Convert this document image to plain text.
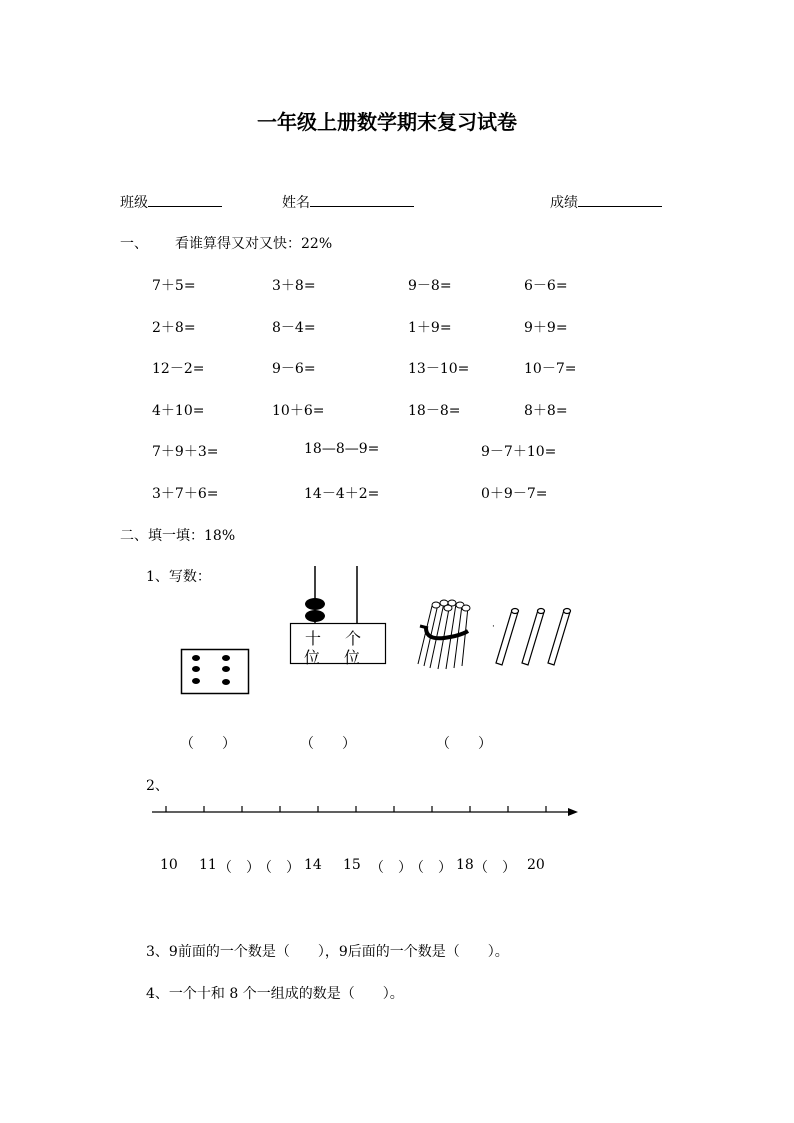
一年级上册数学期末复习试卷
班级	姓名	成绩
一、 看谁算得又对又快：22%
7＋5=	3＋8=	9－8=	6－6=
2＋8=	8－4=	1＋9=	9＋9=
12－2=	9－6=	13－10=	10－7=
4＋10=	10＋6=	18－8=	8＋8=
7＋9＋3=	18—8—9=	9－7＋10=
3＋7＋6=	14－4＋2=	0＋9－7=
二、填一填：18%
1、写数：
十 个
位 位
·
（　　）	（　　）	（　　）
2、
10 11 （　）
（　） 14 15 （　）
（　） 18 （　） 20
3、9前面的一个数是（　　），9后面的一个数是（　　）。
4、一个十和 8 个一组成的数是（　　）。
